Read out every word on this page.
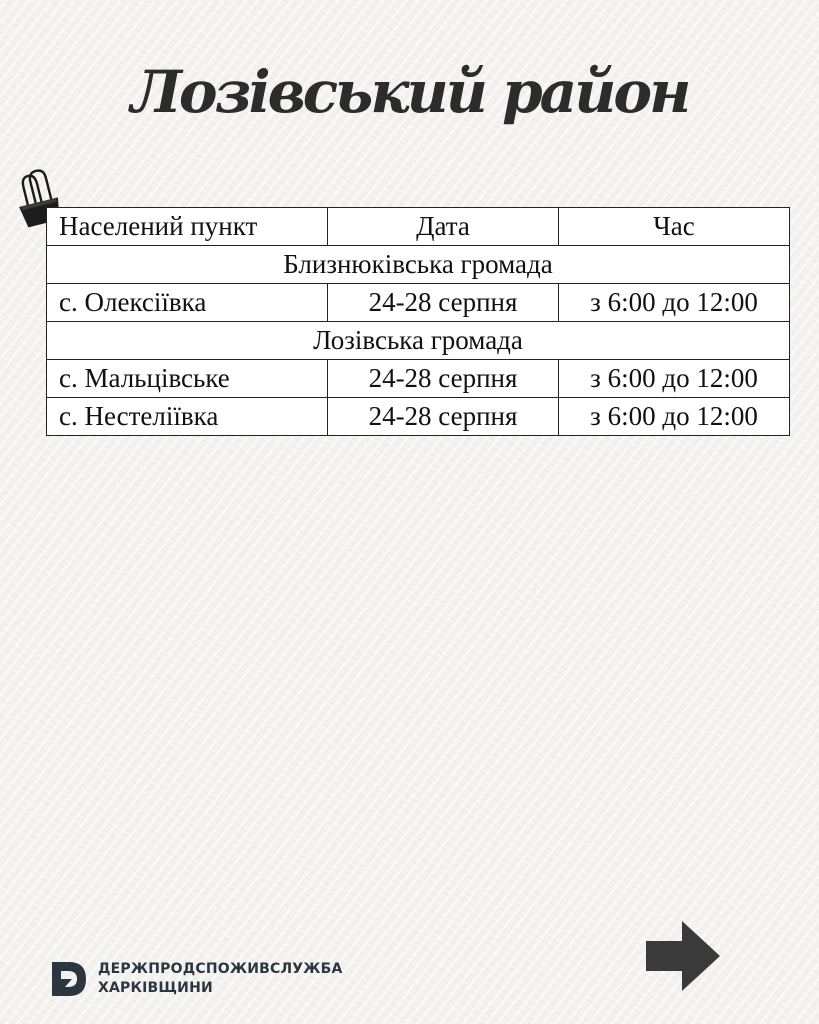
Лозівський район
Населений пункт	Дата	Час
Близнюківська громада		
с. Олексіївка	24-28 серпня	з 6:00 до 12:00
Лозівська громада		
с. Мальцівське	24-28 серпня	з 6:00 до 12:00
с. Нестеліївка	24-28 серпня	з 6:00 до 12:00
ДЕРЖПРОДСПОЖИВСЛУЖБА
ХАРКІВЩИНИ
